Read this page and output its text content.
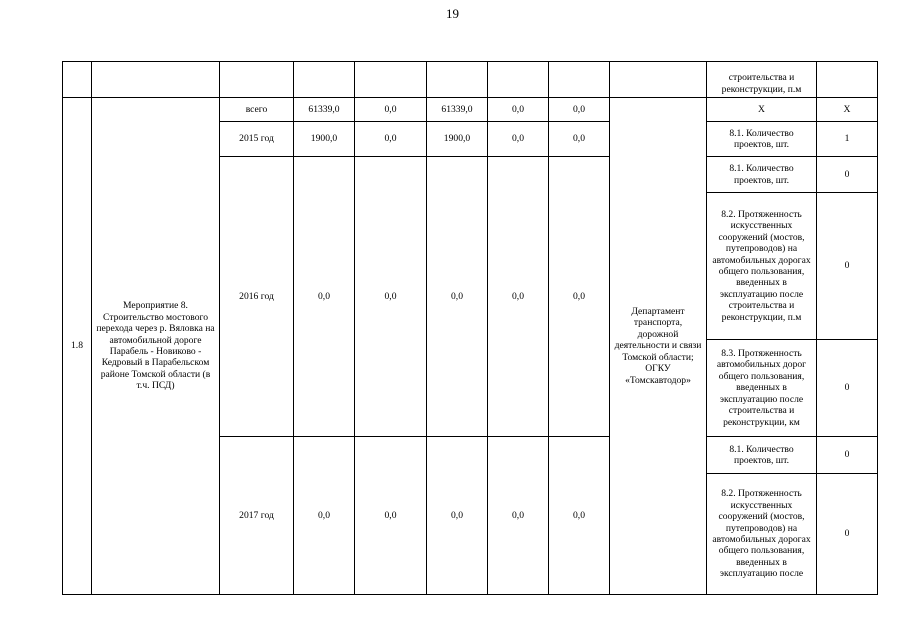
19
									строительства и реконструкции, п.м	
1.8	Мероприятие 8. Строительство мостового перехода через р. Вяловка на автомобильной дороге Парабель - Новиково - Кедровый в Парабельском районе Томской области (в т.ч. ПСД)	всего	61339,0	0,0	61339,0	0,0	0,0	Департамент транспорта, дорожной деятельности и связи Томской области; ОГКУ «Томскавтодор»	Х	Х
		2015 год	1900,0	0,0	1900,0	0,0	0,0		8.1. Количество проектов, шт.	1
		2016 год	0,0	0,0	0,0	0,0	0,0		8.1. Количество проектов, шт.	0
									8.2. Протяженность искусственных сооружений (мостов, путепроводов) на автомобильных дорогах общего пользования, введенных в эксплуатацию после строительства и реконструкции, п.м	0
									8.3. Протяженность автомобильных дорог общего пользования, введенных в эксплуатацию после строительства и реконструкции, км	0
		2017 год	0,0	0,0	0,0	0,0	0,0		8.1. Количество проектов, шт.	0
									8.2. Протяженность искусственных сооружений (мостов, путепроводов) на автомобильных дорогах общего пользования, введенных в эксплуатацию после	0
